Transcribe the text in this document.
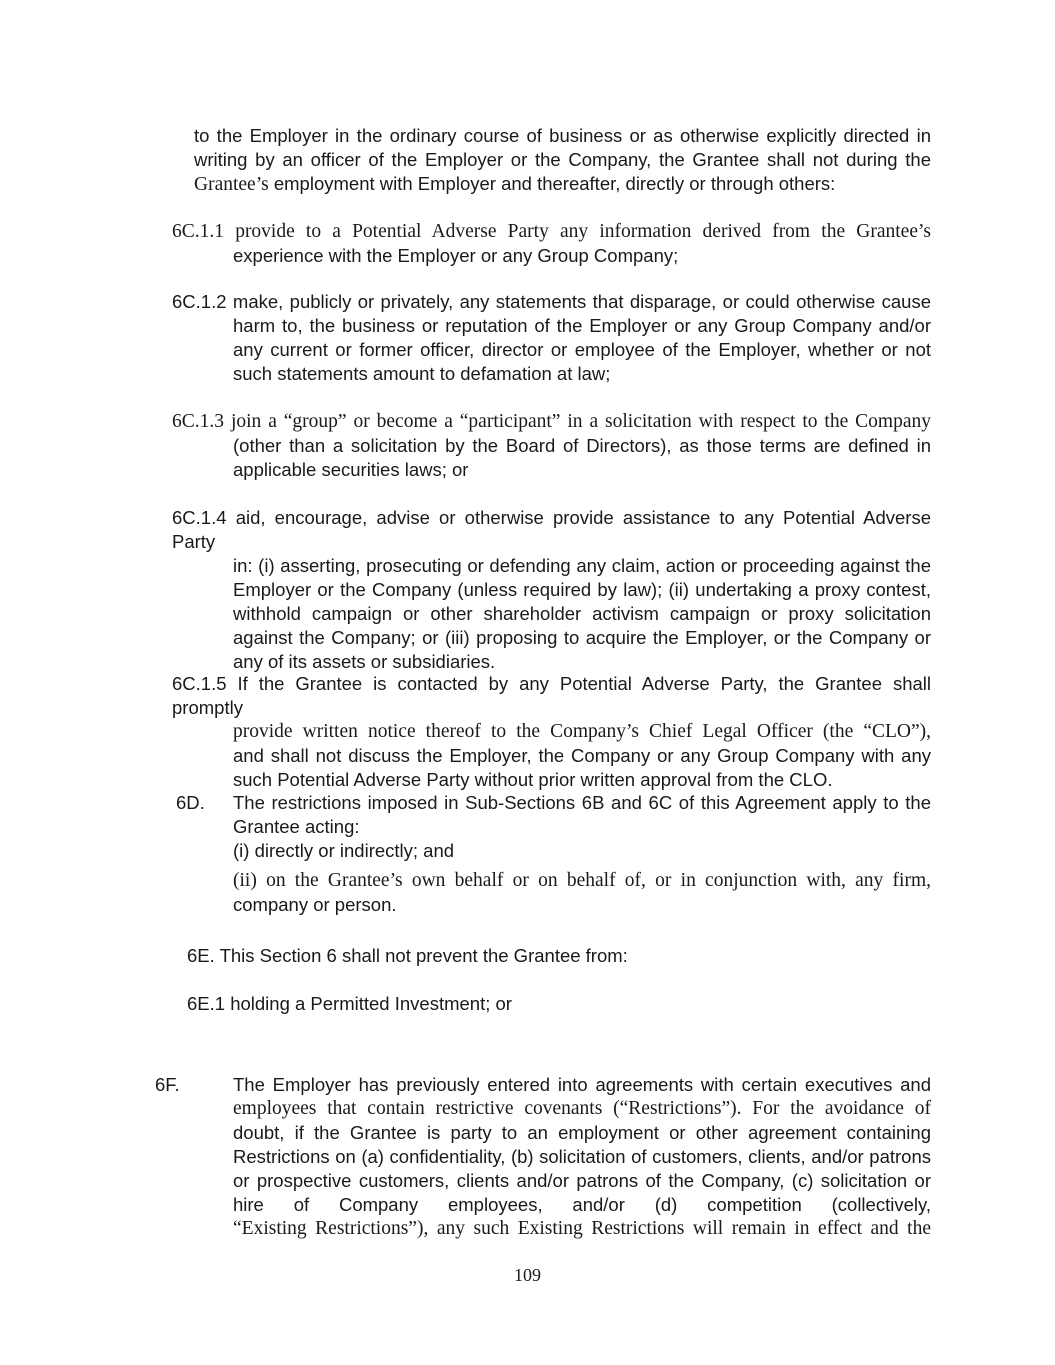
to the Employer in the ordinary course of business or as otherwise explicitly directed in
writing by an officer of the Employer or the Company, the Grantee shall not during the
Grantee’s employment with Employer and thereafter, directly or through others:
6C.1.1 provide to a Potential Adverse Party any information derived from the Grantee’s
experience with the Employer or any Group Company;
6C.1.2 make, publicly or privately, any statements that disparage, or could otherwise cause
harm to, the business or reputation of the Employer or any Group Company and/or any current or former officer, director or employee of the Employer, whether or not such statements amount to defamation at law;
6C.1.3 join a “group” or become a “participant” in a solicitation with respect to the Company
(other than a solicitation by the Board of Directors), as those terms are defined in applicable securities laws; or
6C.1.4 aid, encourage, advise or otherwise provide assistance to any Potential Adverse Party
in: (i) asserting, prosecuting or defending any claim, action or proceeding against the Employer or the Company (unless required by law); (ii) undertaking a proxy contest, withhold campaign or other shareholder activism campaign or proxy solicitation against the Company; or (iii) proposing to acquire the Employer, or the Company or any of its assets or subsidiaries.
6C.1.5 If the Grantee is contacted by any Potential Adverse Party, the Grantee shall promptly
provide written notice thereof to the Company’s Chief Legal Officer (the “CLO”),
and shall not discuss the Employer, the Company or any Group Company with any such Potential Adverse Party without prior written approval from the CLO.
6D. The restrictions imposed in Sub-Sections 6B and 6C of this Agreement apply to the
Grantee acting:
(i) directly or indirectly; and
(ii) on the Grantee’s own behalf or on behalf of, or in conjunction with, any firm,
company or person.
6E. This Section 6 shall not prevent the Grantee from:
6E.1 holding a Permitted Investment; or
6F.	The Employer has previously entered into agreements with certain executives and
employees that contain restrictive covenants (“Restrictions”). For the avoidance of
doubt, if the Grantee is party to an employment or other agreement containing Restrictions on (a) confidentiality, (b) solicitation of customers, clients, and/or patrons or prospective customers, clients and/or patrons of the Company, (c) solicitation or hire of Company employees, and/or (d) competition (collectively,
“Existing Restrictions”), any such Existing Restrictions will remain in effect and the
109
